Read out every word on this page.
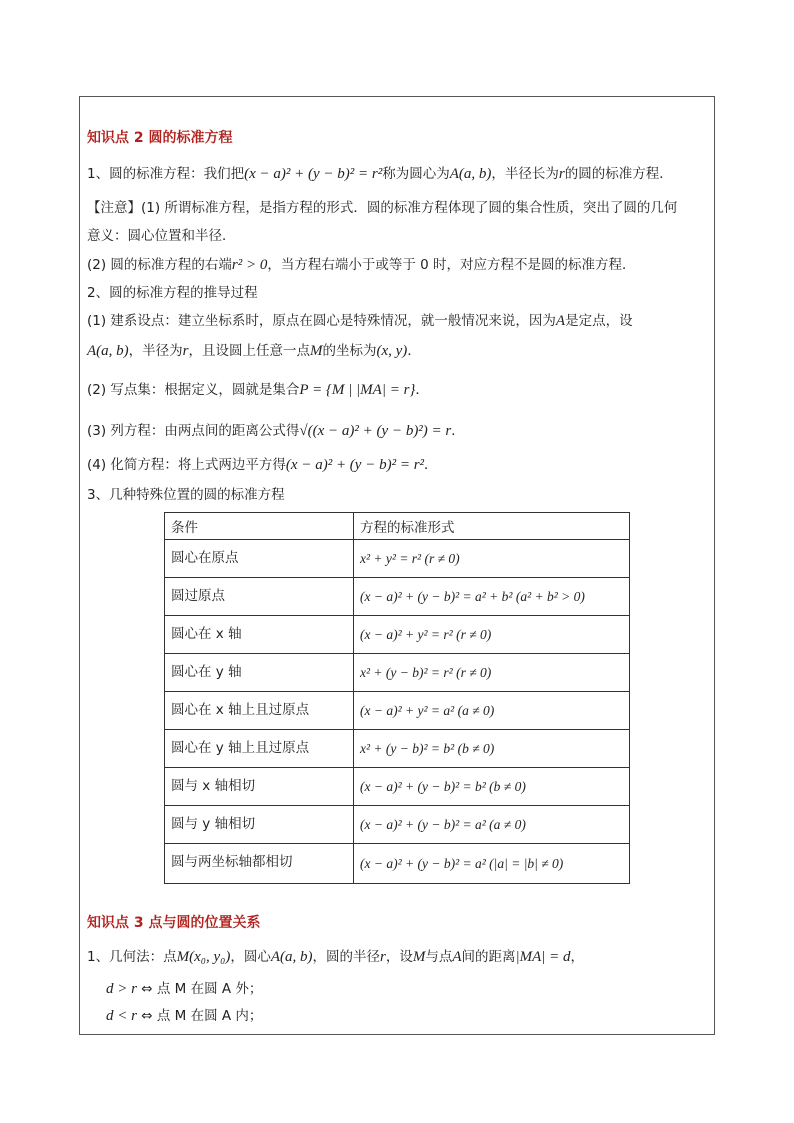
知识点 2 圆的标准方程
1、圆的标准方程：我们把(x − a)² + (y − b)² = r²称为圆心为A(a, b)，半径长为r的圆的标准方程．
【注意】(1) 所谓标准方程，是指方程的形式．圆的标准方程体现了圆的集合性质，突出了圆的几何
意义：圆心位置和半径．
(2) 圆的标准方程的右端r² > 0，当方程右端小于或等于 0 时，对应方程不是圆的标准方程．
2、圆的标准方程的推导过程
(1) 建系设点：建立坐标系时，原点在圆心是特殊情况，就一般情况来说，因为A是定点，设
A(a, b)，半径为r，且设圆上任意一点M的坐标为(x, y)．
(2) 写点集：根据定义，圆就是集合P = {M | |MA| = r}．
(3) 列方程：由两点间的距离公式得√((x − a)² + (y − b)²) = r．
(4) 化简方程：将上式两边平方得(x − a)² + (y − b)² = r²．
3、几种特殊位置的圆的标准方程
条件	方程的标准形式
圆心在原点	x² + y² = r² (r ≠ 0)
圆过原点	(x − a)² + (y − b)² = a² + b² (a² + b² > 0)
圆心在 x 轴	(x − a)² + y² = r² (r ≠ 0)
圆心在 y 轴	x² + (y − b)² = r² (r ≠ 0)
圆心在 x 轴上且过原点	(x − a)² + y² = a² (a ≠ 0)
圆心在 y 轴上且过原点	x² + (y − b)² = b² (b ≠ 0)
圆与 x 轴相切	(x − a)² + (y − b)² = b² (b ≠ 0)
圆与 y 轴相切	(x − a)² + (y − b)² = a² (a ≠ 0)
圆与两坐标轴都相切	(x − a)² + (y − b)² = a² (|a| = |b| ≠ 0)
知识点 3 点与圆的位置关系
1、几何法：点M(x₀, y₀)，圆心A(a, b)，圆的半径r，设M与点A间的距离|MA| = d，
d > r ⇔ 点 M 在圆 A 外；
d < r ⇔ 点 M 在圆 A 内；
